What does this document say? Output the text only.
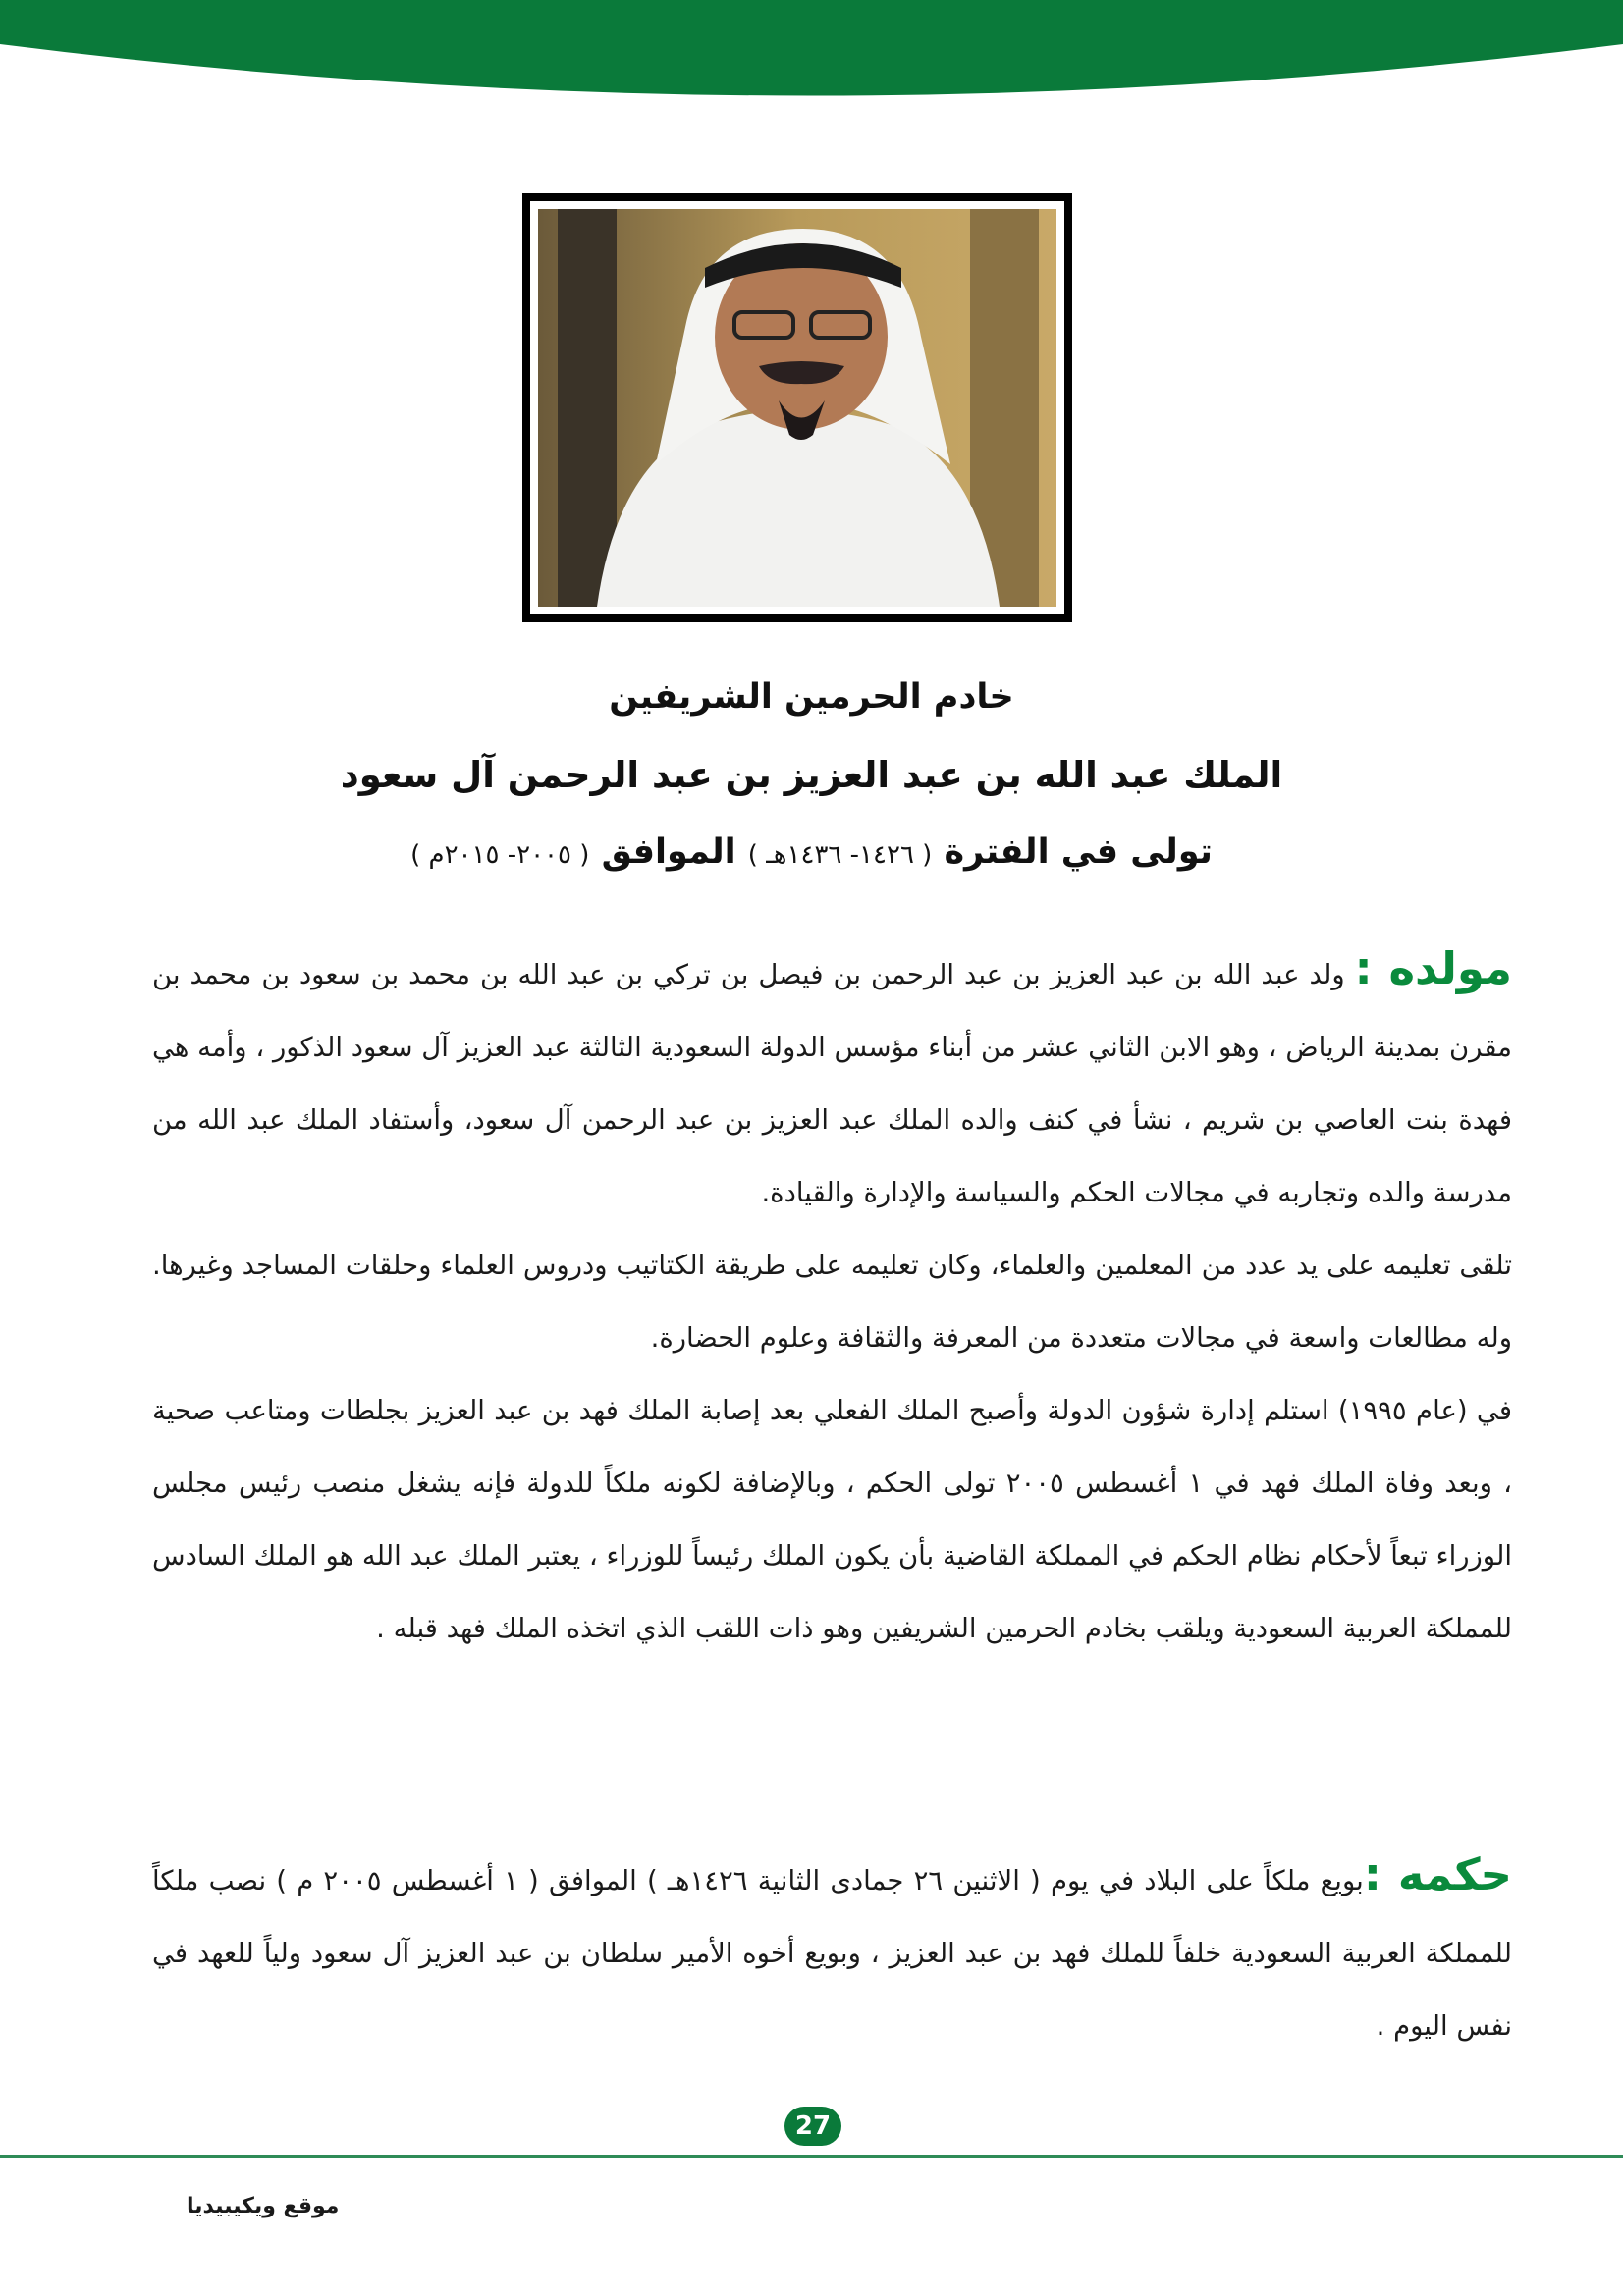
خادم الحرمين الشريفين
الملك عبد الله بن عبد العزيز بن عبد الرحمن آل سعود
تولى في الفترة ( ١٤٢٦- ١٤٣٦هـ ) الموافق ( ٢٠٠٥- ٢٠١٥م )

مولده : ولد عبد الله بن عبد العزيز بن عبد الرحمن بن فيصل بن تركي بن عبد الله بن محمد بن سعود بن محمد بن مقرن بمدينة الرياض ، وهو الابن الثاني عشر من أبناء مؤسس الدولة السعودية الثالثة عبد العزيز آل سعود الذكور ، وأمه هي فهدة بنت العاصي بن شريم ، نشأ في كنف والده الملك عبد العزيز بن عبد الرحمن آل سعود، وأستفاد الملك عبد الله من مدرسة والده وتجاربه في مجالات الحكم والسياسة والإدارة والقيادة.

تلقى تعليمه على يد عدد من المعلمين والعلماء، وكان تعليمه على طريقة الكتاتيب ودروس العلماء وحلقات المساجد وغيرها. وله مطالعات واسعة في مجالات متعددة من المعرفة والثقافة وعلوم الحضارة.

في (عام ١٩٩٥) استلم إدارة شؤون الدولة وأصبح الملك الفعلي بعد إصابة الملك فهد بن عبد العزيز بجلطات ومتاعب صحية ، وبعد وفاة الملك فهد في ١ أغسطس ٢٠٠٥ تولى الحكم ، وبالإضافة لكونه ملكاً للدولة فإنه يشغل منصب رئيس مجلس الوزراء تبعاً لأحكام نظام الحكم في المملكة القاضية بأن يكون الملك رئيساً للوزراء ، يعتبر الملك عبد الله هو الملك السادس للمملكة العربية السعودية ويلقب بخادم الحرمين الشريفين وهو ذات اللقب الذي اتخذه الملك فهد قبله .

حكمه :بويع ملكاً على البلاد في يوم ( الاثنين ٢٦ جمادى الثانية ١٤٢٦هـ ) الموافق ( ١ أغسطس ٢٠٠٥ م ) نصب ملكاً للمملكة العربية السعودية خلفاً للملك فهد بن عبد العزيز ، وبويع أخوه الأمير سلطان بن عبد العزيز آل سعود ولياً للعهد في نفس اليوم .

27
موقع ويكيبيديا
